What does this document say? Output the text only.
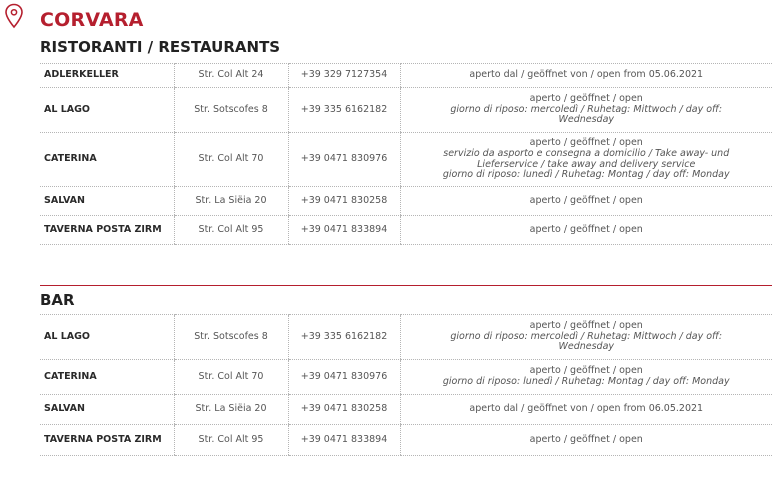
CORVARA
RISTORANTI / RESTAURANTS
ADLERKELLER	Str. Col Alt 24	+39 329 7127354	aperto dal / geöffnet von / open from 05.06.2021

AL LAGO	Str. Sotscofes 8	+39 335 6162182	aperto / geöffnet / open
giorno di riposo: mercoledì / Ruhetag: Mittwoch / day off:
Wednesday

CATERINA	Str. Col Alt 70	+39 0471 830976	aperto / geöffnet / open
servizio da asporto e consegna a domicilio / Take away- und
Lieferservice / take away and delivery service
giorno di riposo: lunedì / Ruhetag: Montag / day off: Monday

SALVAN	Str. La Siëia 20	+39 0471 830258	aperto / geöffnet / open

TAVERNA POSTA ZIRM	Str. Col Alt 95	+39 0471 833894	aperto / geöffnet / open
BAR
AL LAGO	Str. Sotscofes 8	+39 335 6162182	aperto / geöffnet / open
giorno di riposo: mercoledì / Ruhetag: Mittwoch / day off:
Wednesday

CATERINA	Str. Col Alt 70	+39 0471 830976	aperto / geöffnet / open
giorno di riposo: lunedì / Ruhetag: Montag / day off: Monday

SALVAN	Str. La Siëia 20	+39 0471 830258	aperto dal / geöffnet von / open from 06.05.2021

TAVERNA POSTA ZIRM	Str. Col Alt 95	+39 0471 833894	aperto / geöffnet / open
